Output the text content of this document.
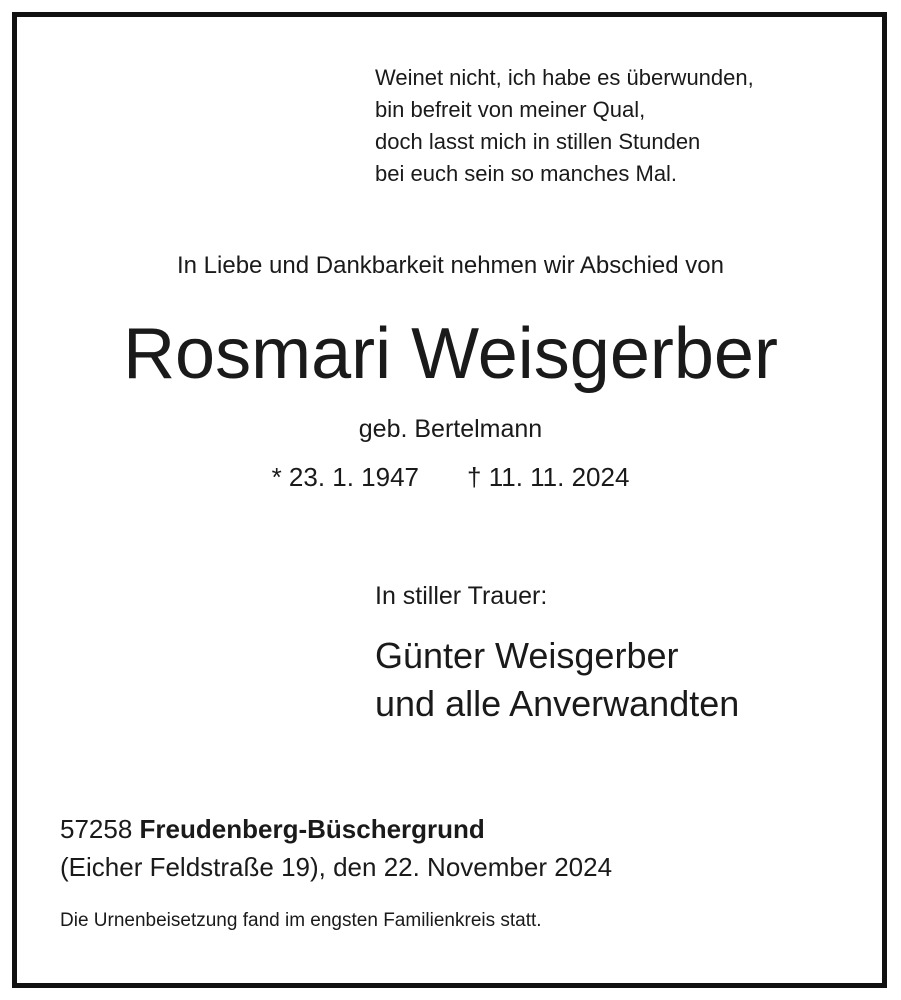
Weinet nicht, ich habe es überwunden,
bin befreit von meiner Qual,
doch lasst mich in stillen Stunden
bei euch sein so manches Mal.
In Liebe und Dankbarkeit nehmen wir Abschied von
Rosmari Weisgerber
geb. Bertelmann
* 23. 1. 1947 † 11. 11. 2024
In stiller Trauer:
Günter Weisgerber
und alle Anverwandten
57258 Freudenberg-Büschergrund
(Eicher Feldstraße 19), den 22. November 2024
Die Urnenbeisetzung fand im engsten Familienkreis statt.
